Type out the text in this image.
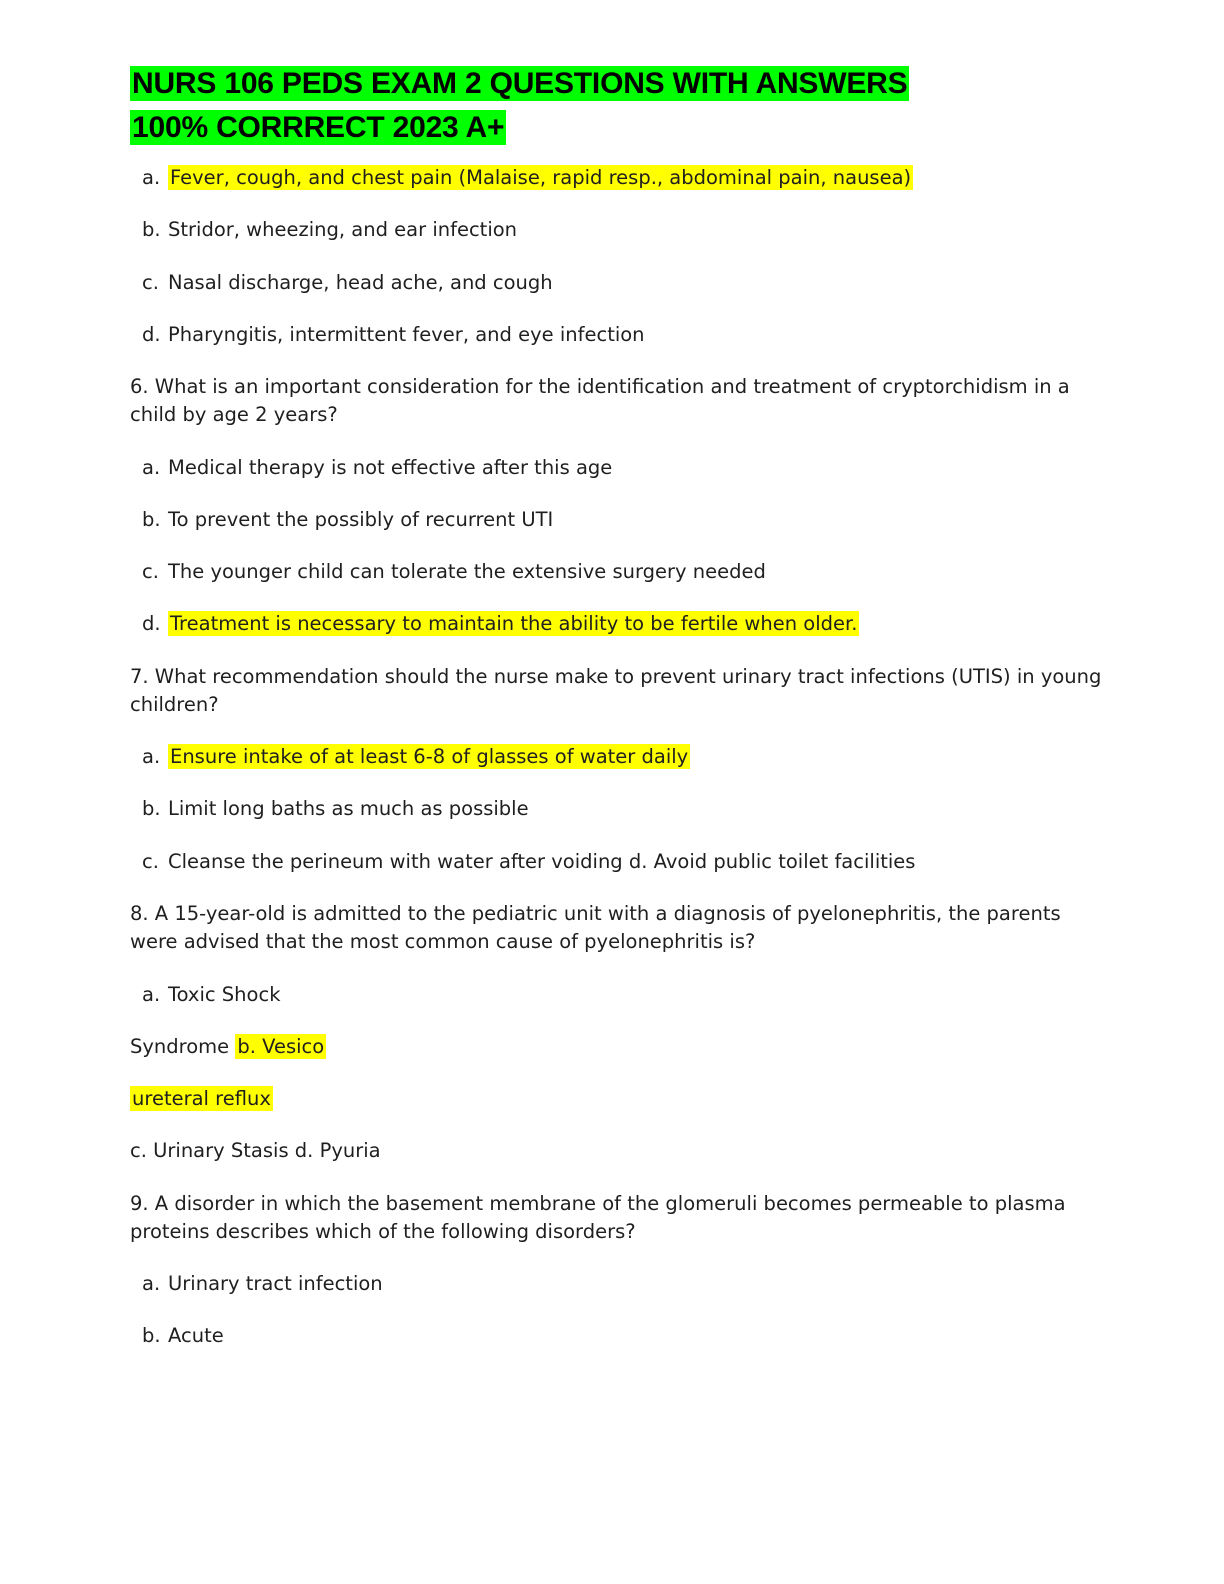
NURS 106 PEDS EXAM 2 QUESTIONS WITH ANSWERS
100% CORRRECT 2023 A+
a. Fever, cough, and chest pain (Malaise, rapid resp., abdominal pain, nausea)
b. Stridor, wheezing, and ear infection
c. Nasal discharge, head ache, and cough
d. Pharyngitis, intermittent fever, and eye infection
6. What is an important consideration for the identification and treatment of cryptorchidism in a child by age 2 years?
a. Medical therapy is not effective after this age
b. To prevent the possibly of recurrent UTI
c. The younger child can tolerate the extensive surgery needed
d. Treatment is necessary to maintain the ability to be fertile when older.
7. What recommendation should the nurse make to prevent urinary tract infections (UTIS) in young children?
a. Ensure intake of at least 6-8 of glasses of water daily
b. Limit long baths as much as possible
c. Cleanse the perineum with water after voiding d. Avoid public toilet facilities
8. A 15-year-old is admitted to the pediatric unit with a diagnosis of pyelonephritis, the parents were advised that the most common cause of pyelonephritis is?
a. Toxic Shock
Syndrome b. Vesico
ureteral reflux
c. Urinary Stasis d. Pyuria
9. A disorder in which the basement membrane of the glomeruli becomes permeable to plasma proteins describes which of the following disorders?
a. Urinary tract infection
b. Acute
